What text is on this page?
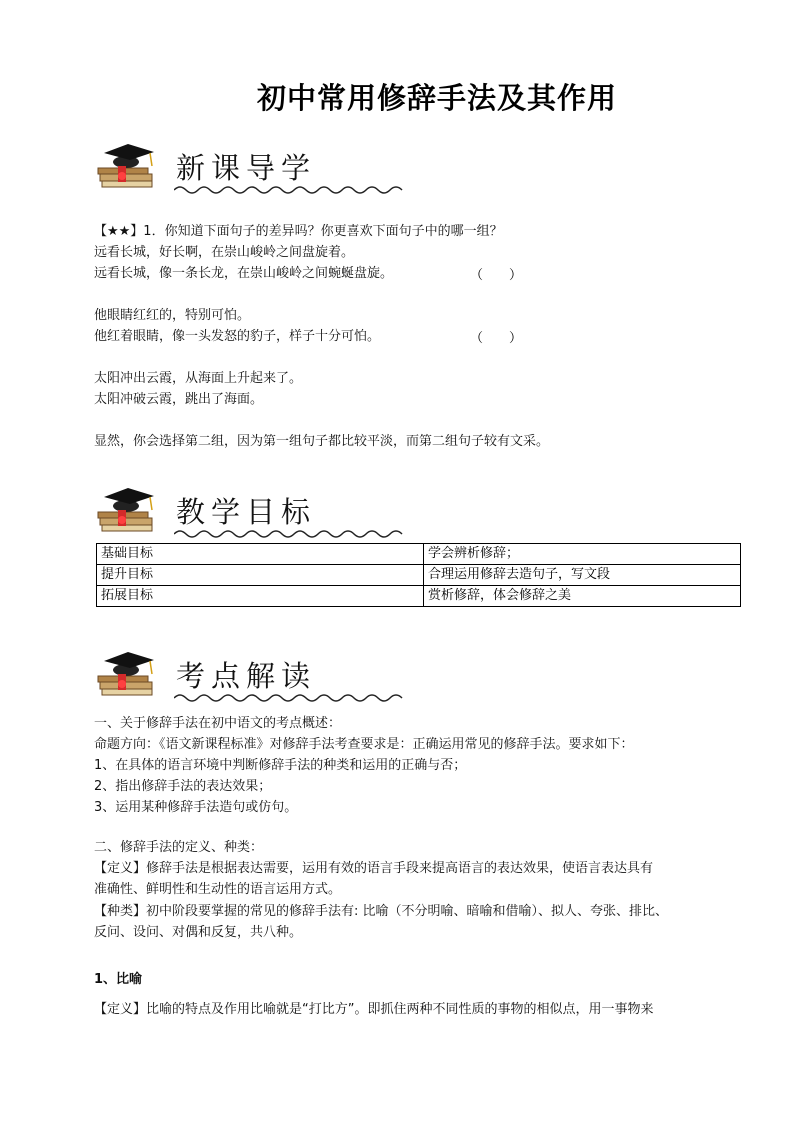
初中常用修辞手法及其作用
新课导学
【★★】1．你知道下面句子的差异吗？你更喜欢下面句子中的哪一组？
远看长城，好长啊，在崇山峻岭之间盘旋着。
远看长城，像一条长龙，在崇山峻岭之间蜿蜒盘旋。	（　　）
他眼睛红红的，特别可怕。
他红着眼睛，像一头发怒的豹子，样子十分可怕。	（　　）
太阳冲出云霞，从海面上升起来了。
太阳冲破云霞，跳出了海面。
显然，你会选择第二组，因为第一组句子都比较平淡，而第二组句子较有文采。
教学目标
基础目标	学会辨析修辞；
提升目标	合理运用修辞去造句子，写文段
拓展目标	赏析修辞，体会修辞之美
考点解读
一、关于修辞手法在初中语文的考点概述：
命题方向：《语文新课程标准》对修辞手法考查要求是：正确运用常见的修辞手法。要求如下：
1、在具体的语言环境中判断修辞手法的种类和运用的正确与否；
2、指出修辞手法的表达效果；
3、运用某种修辞手法造句或仿句。
二、修辞手法的定义、种类：
【定义】修辞手法是根据表达需要，运用有效的语言手段来提高语言的表达效果，使语言表达具有
准确性、鲜明性和生动性的语言运用方式。
【种类】初中阶段要掌握的常见的修辞手法有: 比喻（不分明喻、暗喻和借喻）、拟人、夸张、排比、
反问、设问、对偶和反复，共八种。
1、比喻
【定义】比喻的特点及作用比喻就是“打比方”。即抓住两种不同性质的事物的相似点，用一事物来
